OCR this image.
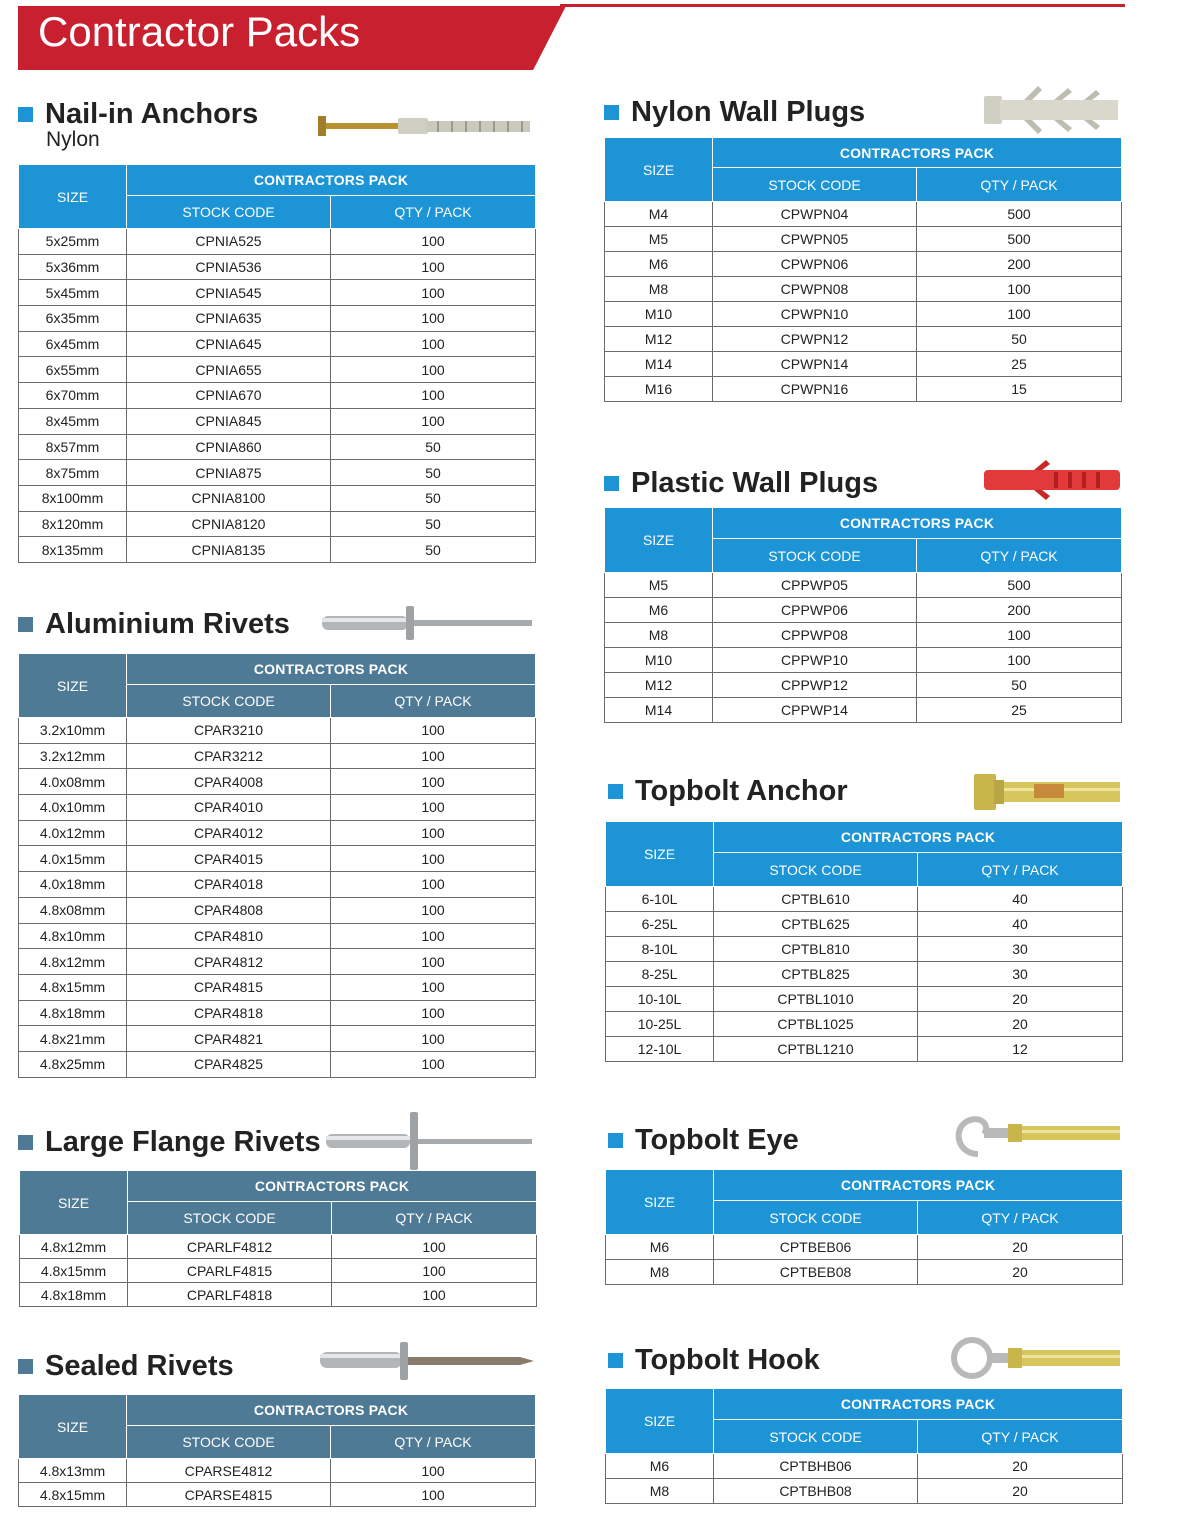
Contractor Packs
Nail-in Anchors
Nylon
SIZE	CONTRACTORS PACK	
	STOCK CODE	QTY / PACK
5x25mm	CPNIA525	100
5x36mm	CPNIA536	100
5x45mm	CPNIA545	100
6x35mm	CPNIA635	100
6x45mm	CPNIA645	100
6x55mm	CPNIA655	100
6x70mm	CPNIA670	100
8x45mm	CPNIA845	100
8x57mm	CPNIA860	50
8x75mm	CPNIA875	50
8x100mm	CPNIA8100	50
8x120mm	CPNIA8120	50
8x135mm	CPNIA8135	50
Aluminium Rivets
SIZE	CONTRACTORS PACK	
	STOCK CODE	QTY / PACK
3.2x10mm	CPAR3210	100
3.2x12mm	CPAR3212	100
4.0x08mm	CPAR4008	100
4.0x10mm	CPAR4010	100
4.0x12mm	CPAR4012	100
4.0x15mm	CPAR4015	100
4.0x18mm	CPAR4018	100
4.8x08mm	CPAR4808	100
4.8x10mm	CPAR4810	100
4.8x12mm	CPAR4812	100
4.8x15mm	CPAR4815	100
4.8x18mm	CPAR4818	100
4.8x21mm	CPAR4821	100
4.8x25mm	CPAR4825	100
Large Flange Rivets
SIZE	CONTRACTORS PACK	
	STOCK CODE	QTY / PACK
4.8x12mm	CPARLF4812	100
4.8x15mm	CPARLF4815	100
4.8x18mm	CPARLF4818	100
Sealed Rivets
SIZE	CONTRACTORS PACK	
	STOCK CODE	QTY / PACK
4.8x13mm	CPARSE4812	100
4.8x15mm	CPARSE4815	100
Nylon Wall Plugs
SIZE	CONTRACTORS PACK	
	STOCK CODE	QTY / PACK
M4	CPWPN04	500
M5	CPWPN05	500
M6	CPWPN06	200
M8	CPWPN08	100
M10	CPWPN10	100
M12	CPWPN12	50
M14	CPWPN14	25
M16	CPWPN16	15
Plastic Wall Plugs
SIZE	CONTRACTORS PACK	
	STOCK CODE	QTY / PACK
M5	CPPWP05	500
M6	CPPWP06	200
M8	CPPWP08	100
M10	CPPWP10	100
M12	CPPWP12	50
M14	CPPWP14	25
Topbolt Anchor
SIZE	CONTRACTORS PACK	
	STOCK CODE	QTY / PACK
6-10L	CPTBL610	40
6-25L	CPTBL625	40
8-10L	CPTBL810	30
8-25L	CPTBL825	30
10-10L	CPTBL1010	20
10-25L	CPTBL1025	20
12-10L	CPTBL1210	12
Topbolt Eye
SIZE	CONTRACTORS PACK	
	STOCK CODE	QTY / PACK
M6	CPTBEB06	20
M8	CPTBEB08	20
Topbolt Hook
SIZE	CONTRACTORS PACK	
	STOCK CODE	QTY / PACK
M6	CPTBHB06	20
M8	CPTBHB08	20
